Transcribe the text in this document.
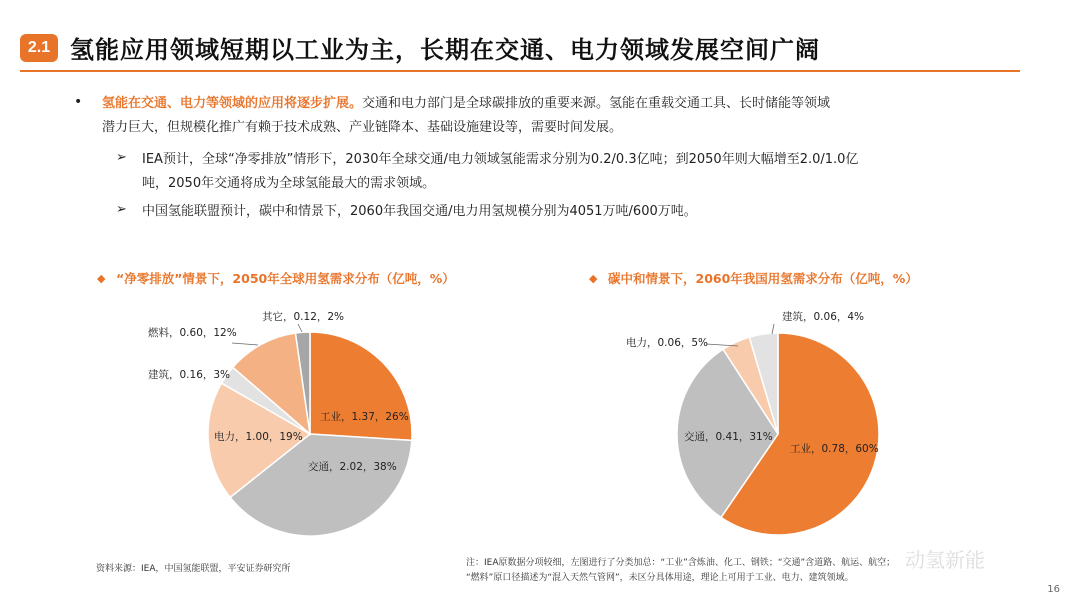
2.1 氢能应用领域短期以工业为主，长期在交通、电力领域发展空间广阔
• 氢能在交通、电力等领域的应用将逐步扩展。交通和电力部门是全球碳排放的重要来源。氢能在重载交通工具、长时储能等领域
潜力巨大，但规模化推广有赖于技术成熟、产业链降本、基础设施建设等，需要时间发展。
➢ IEA预计，全球“净零排放”情形下，2030年全球交通/电力领域氢能需求分别为0.2/0.3亿吨；到2050年则大幅增至2.0/1.0亿
吨，2050年交通将成为全球氢能最大的需求领域。
➢ 中国氢能联盟预计，碳中和情景下，2060年我国交通/电力用氢规模分别为4051万吨/600万吨。
◆ “净零排放”情景下，2050年全球用氢需求分布（亿吨，%）	◆ 碳中和情景下，2060年我国用氢需求分布（亿吨，%）
工业，1.37，26%
交通，2.02，38%
电力，1.00，19%
建筑，0.16，3%
燃料，0.60，12%
其它，0.12，2%
工业，0.78，60%
交通，0.41，31%
电力，0.06，5%
建筑，0.06，4%
资料来源：IEA，中国氢能联盟，平安证券研究所
注：IEA原数据分项较细，左图进行了分类加总：“工业”含炼油、化工、钢铁；“交通”含道路、航运、航空；
“燃料”原口径描述为“混入天然气管网”，未区分具体用途，理论上可用于工业、电力、建筑领域。
动氢新能
16
